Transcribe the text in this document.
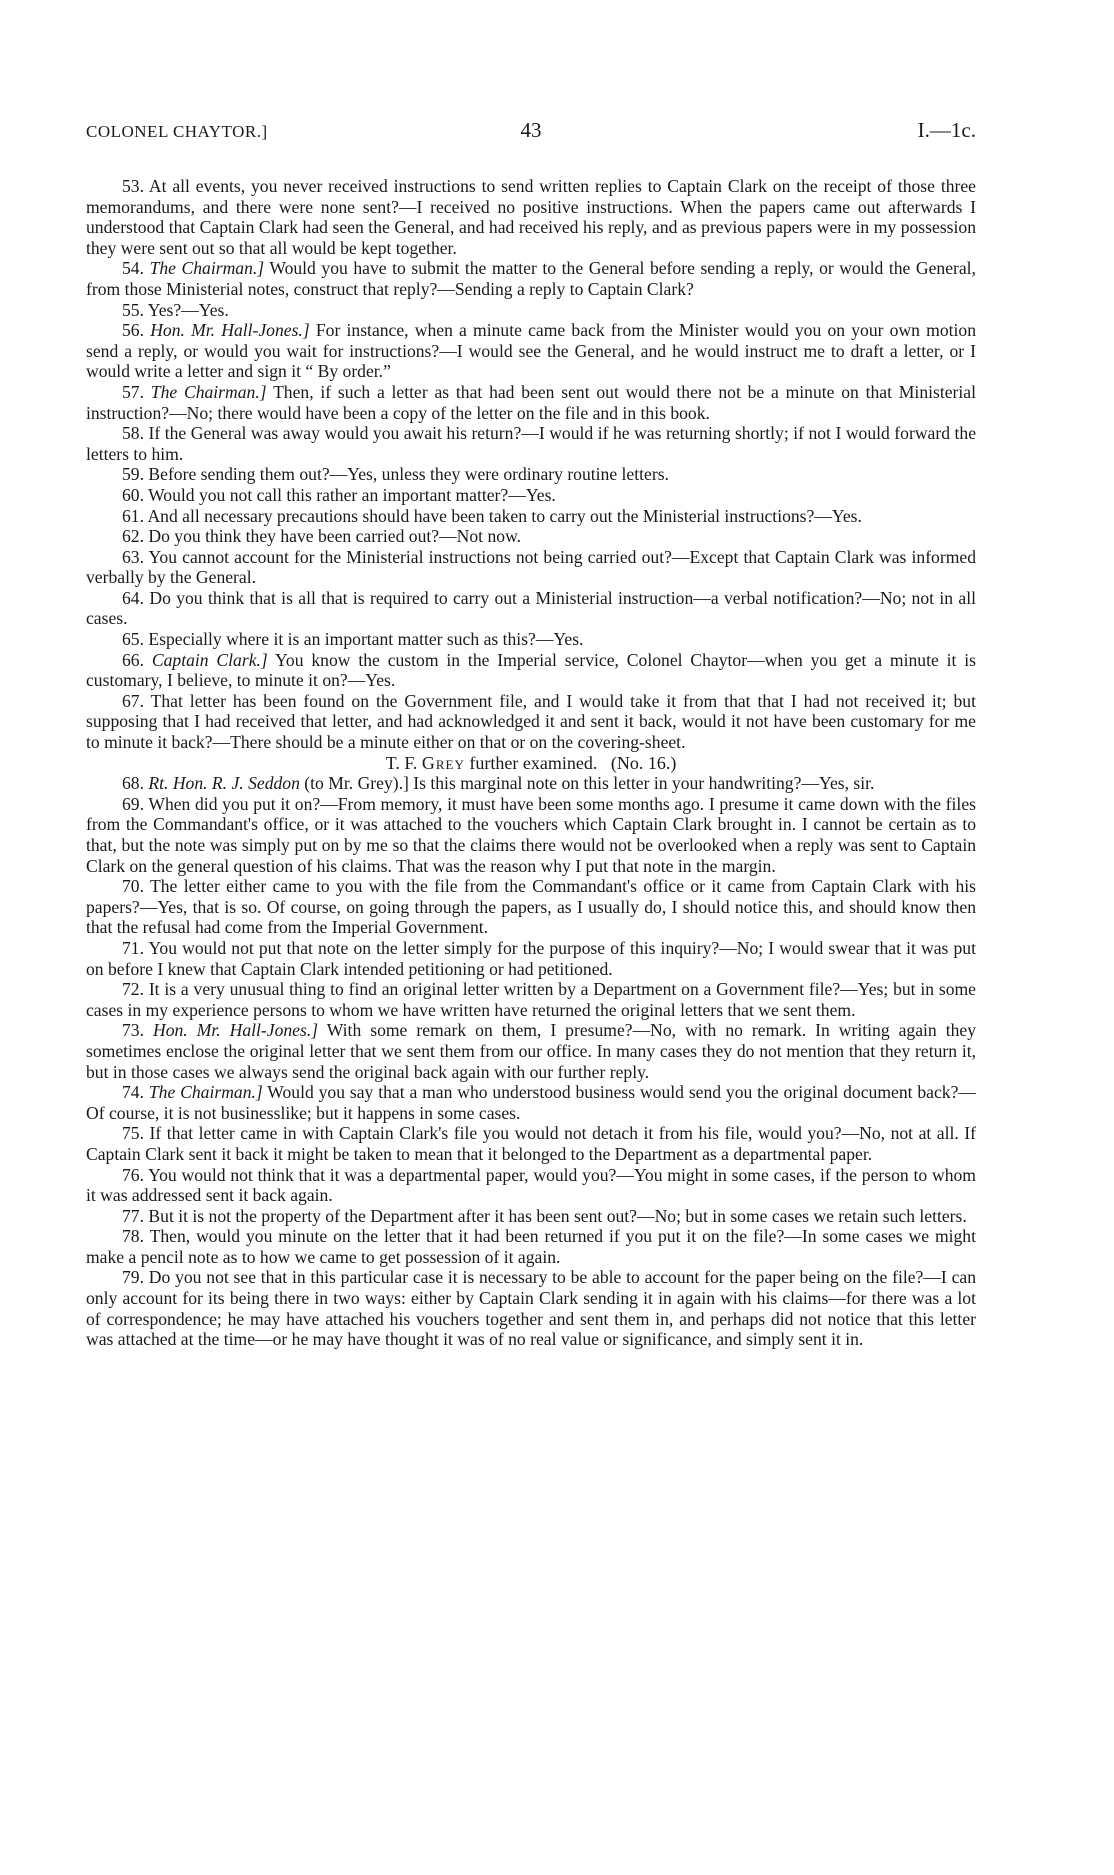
COLONEL CHAYTOR.]	43	I.—1c.

53. At all events, you never received instructions to send written replies to Captain Clark on the receipt of those three memorandums, and there were none sent?—I received no positive instructions. When the papers came out afterwards I understood that Captain Clark had seen the General, and had received his reply, and as previous papers were in my possession they were sent out so that all would be kept together.

54. The Chairman.] Would you have to submit the matter to the General before sending a reply, or would the General, from those Ministerial notes, construct that reply?—Sending a reply to Captain Clark?

55. Yes?—Yes.

56. Hon. Mr. Hall-Jones.] For instance, when a minute came back from the Minister would you on your own motion send a reply, or would you wait for instructions?—I would see the General, and he would instruct me to draft a letter, or I would write a letter and sign it “ By order.”

57. The Chairman.] Then, if such a letter as that had been sent out would there not be a minute on that Ministerial instruction?—No; there would have been a copy of the letter on the file and in this book.

58. If the General was away would you await his return?—I would if he was returning shortly; if not I would forward the letters to him.

59. Before sending them out?—Yes, unless they were ordinary routine letters.

60. Would you not call this rather an important matter?—Yes.

61. And all necessary precautions should have been taken to carry out the Ministerial instructions?—Yes.

62. Do you think they have been carried out?—Not now.

63. You cannot account for the Ministerial instructions not being carried out?—Except that Captain Clark was informed verbally by the General.

64. Do you think that is all that is required to carry out a Ministerial instruction—a verbal notification?—No; not in all cases.

65. Especially where it is an important matter such as this?—Yes.

66. Captain Clark.] You know the custom in the Imperial service, Colonel Chaytor—when you get a minute it is customary, I believe, to minute it on?—Yes.

67. That letter has been found on the Government file, and I would take it from that that I had not received it; but supposing that I had received that letter, and had acknowledged it and sent it back, would it not have been customary for me to minute it back?—There should be a minute either on that or on the covering-sheet.

T. F. Grey further examined. (No. 16.)

68. Rt. Hon. R. J. Seddon (to Mr. Grey).] Is this marginal note on this letter in your handwriting?—Yes, sir.

69. When did you put it on?—From memory, it must have been some months ago. I presume it came down with the files from the Commandant's office, or it was attached to the vouchers which Captain Clark brought in. I cannot be certain as to that, but the note was simply put on by me so that the claims there would not be overlooked when a reply was sent to Captain Clark on the general question of his claims. That was the reason why I put that note in the margin.

70. The letter either came to you with the file from the Commandant's office or it came from Captain Clark with his papers?—Yes, that is so. Of course, on going through the papers, as I usually do, I should notice this, and should know then that the refusal had come from the Imperial Government.

71. You would not put that note on the letter simply for the purpose of this inquiry?—No; I would swear that it was put on before I knew that Captain Clark intended petitioning or had petitioned.

72. It is a very unusual thing to find an original letter written by a Department on a Government file?—Yes; but in some cases in my experience persons to whom we have written have returned the original letters that we sent them.

73. Hon. Mr. Hall-Jones.] With some remark on them, I presume?—No, with no remark. In writing again they sometimes enclose the original letter that we sent them from our office. In many cases they do not mention that they return it, but in those cases we always send the original back again with our further reply.

74. The Chairman.] Would you say that a man who understood business would send you the original document back?—Of course, it is not businesslike; but it happens in some cases.

75. If that letter came in with Captain Clark's file you would not detach it from his file, would you?—No, not at all. If Captain Clark sent it back it might be taken to mean that it belonged to the Department as a departmental paper.

76. You would not think that it was a departmental paper, would you?—You might in some cases, if the person to whom it was addressed sent it back again.

77. But it is not the property of the Department after it has been sent out?—No; but in some cases we retain such letters.

78. Then, would you minute on the letter that it had been returned if you put it on the file?—In some cases we might make a pencil note as to how we came to get possession of it again.

79. Do you not see that in this particular case it is necessary to be able to account for the paper being on the file?—I can only account for its being there in two ways: either by Captain Clark sending it in again with his claims—for there was a lot of correspondence; he may have attached his vouchers together and sent them in, and perhaps did not notice that this letter was attached at the time—or he may have thought it was of no real value or significance, and simply sent it in.
